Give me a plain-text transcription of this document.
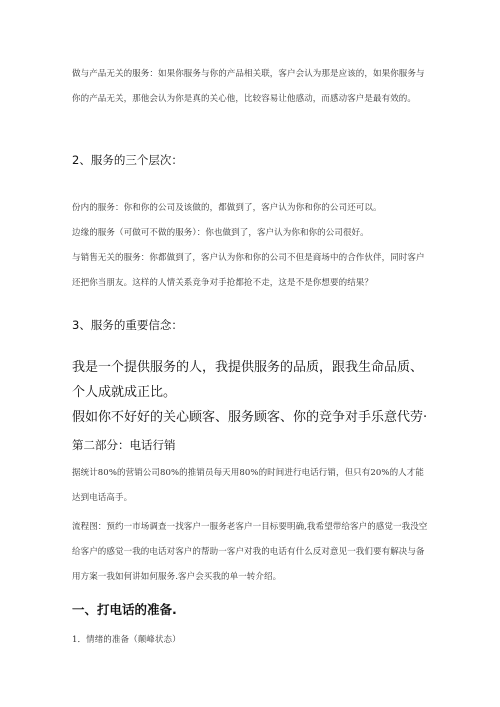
做与产品无关的服务：如果你服务与你的产品相关联，客户会认为那是应该的，如果你服务与你的产品无关，那他会认为你是真的关心他，比较容易让他感动，而感动客户是最有效的。

2、服务的三个层次：

份内的服务：你和你的公司及该做的，都做到了，客户认为你和你的公司还可以。

边缘的服务（可做可不做的服务）：你也做到了，客户认为你和你的公司很好。

与销售无关的服务：你都做到了，客户认为你和你的公司不但是商场中的合作伙伴，同时客户还把你当朋友。这样的人情关系竞争对手抢都抢不走，这是不是你想要的结果？

3、服务的重要信念：

我是一个提供服务的人，我提供服务的品质，跟我生命品质、个人成就成正比。

假如你不好好的关心顾客、服务顾客、你的竞争对手乐意代劳·

第二部分：电话行销

据统计80%的营销公司80%的推销员每天用80%的时间进行电话行销，但只有20%的人才能达到电话高手。

流程图：预约一市场调查一找客户一服务老客户一目标要明确,我希望带给客户的感觉一我没空给客户的感觉一我的电话对客户的帮助一客户对我的电话有什么反对意见一我们要有解决与备用方案一我如何讲如何服务.客户会买我的单一转介绍。

一、打电话的准备.

1．情绪的准备（颠峰状态）
